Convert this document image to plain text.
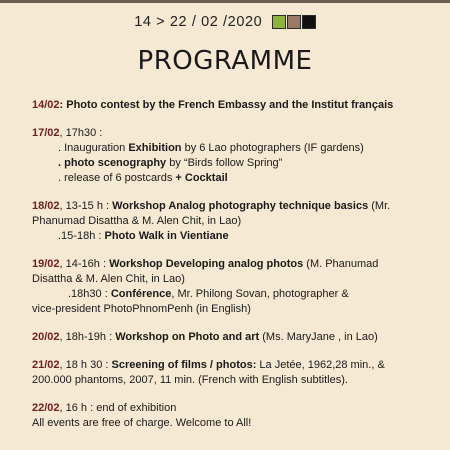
14 > 22 / 02 /2020
PROGRAMME
14/02: Photo contest by the French Embassy and the Institut français
17/02, 17h30 :
. Inauguration Exhibition by 6 Lao photographers (IF gardens)
. photo scenography by “Birds follow Spring”
. release of 6 postcards + Cocktail
18/02, 13-15 h : Workshop Analog photography technique basics (Mr.
Phanumad Disattha & M. Alen Chit, in Lao)
.15-18h : Photo Walk in Vientiane
19/02, 14-16h : Workshop Developing analog photos (M. Phanumad
Disattha & M. Alen Chit, in Lao)
.18h30 : Conférence, Mr. Philong Sovan, photographer &
vice-president PhotoPhnomPenh (in English)
20/02, 18h-19h : Workshop on Photo and art (Ms. MaryJane , in Lao)
21/02, 18 h 30 : Screening of films / photos: La Jetée, 1962,28 min., &
200.000 phantoms, 2007, 11 min. (French with English subtitles).
22/02, 16 h : end of exhibition
All events are free of charge. Welcome to All!
